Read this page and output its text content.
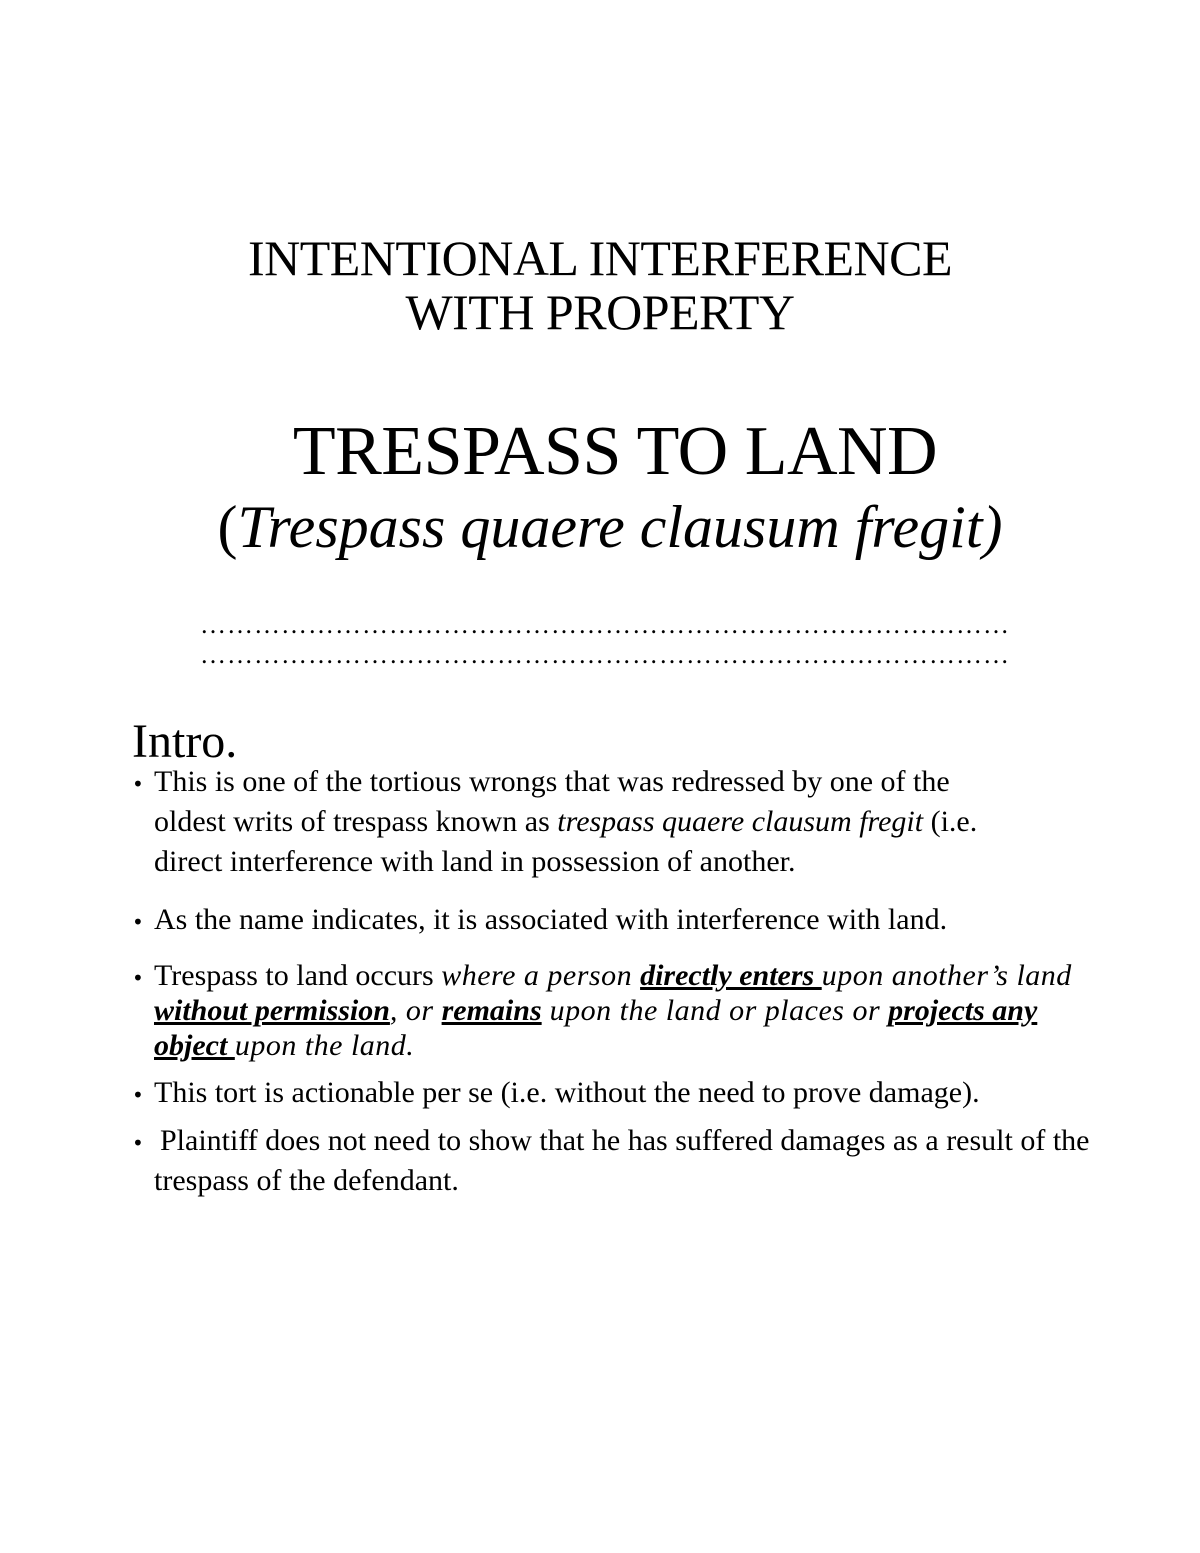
INTENTIONAL INTERFERENCE
WITH PROPERTY
TRESPASS TO LAND
(Trespass quaere clausum fregit)
………………………………………………………………………………
………………………………………………………………………………
Intro.
•
This is one of the tortious wrongs that was redressed by one of the
oldest writs of trespass known as trespass quaere clausum fregit (i.e.
direct interference with land in possession of another.
•
As the name indicates, it is associated with interference with land.
•
Trespass to land occurs where a person directly enters upon another’s land without permission, or remains upon the land or places or projects any object upon the land.
•
This tort is actionable per se (i.e. without the need to prove damage).
•
Plaintiff does not need to show that he has suffered damages as a result of the trespass of the defendant.
